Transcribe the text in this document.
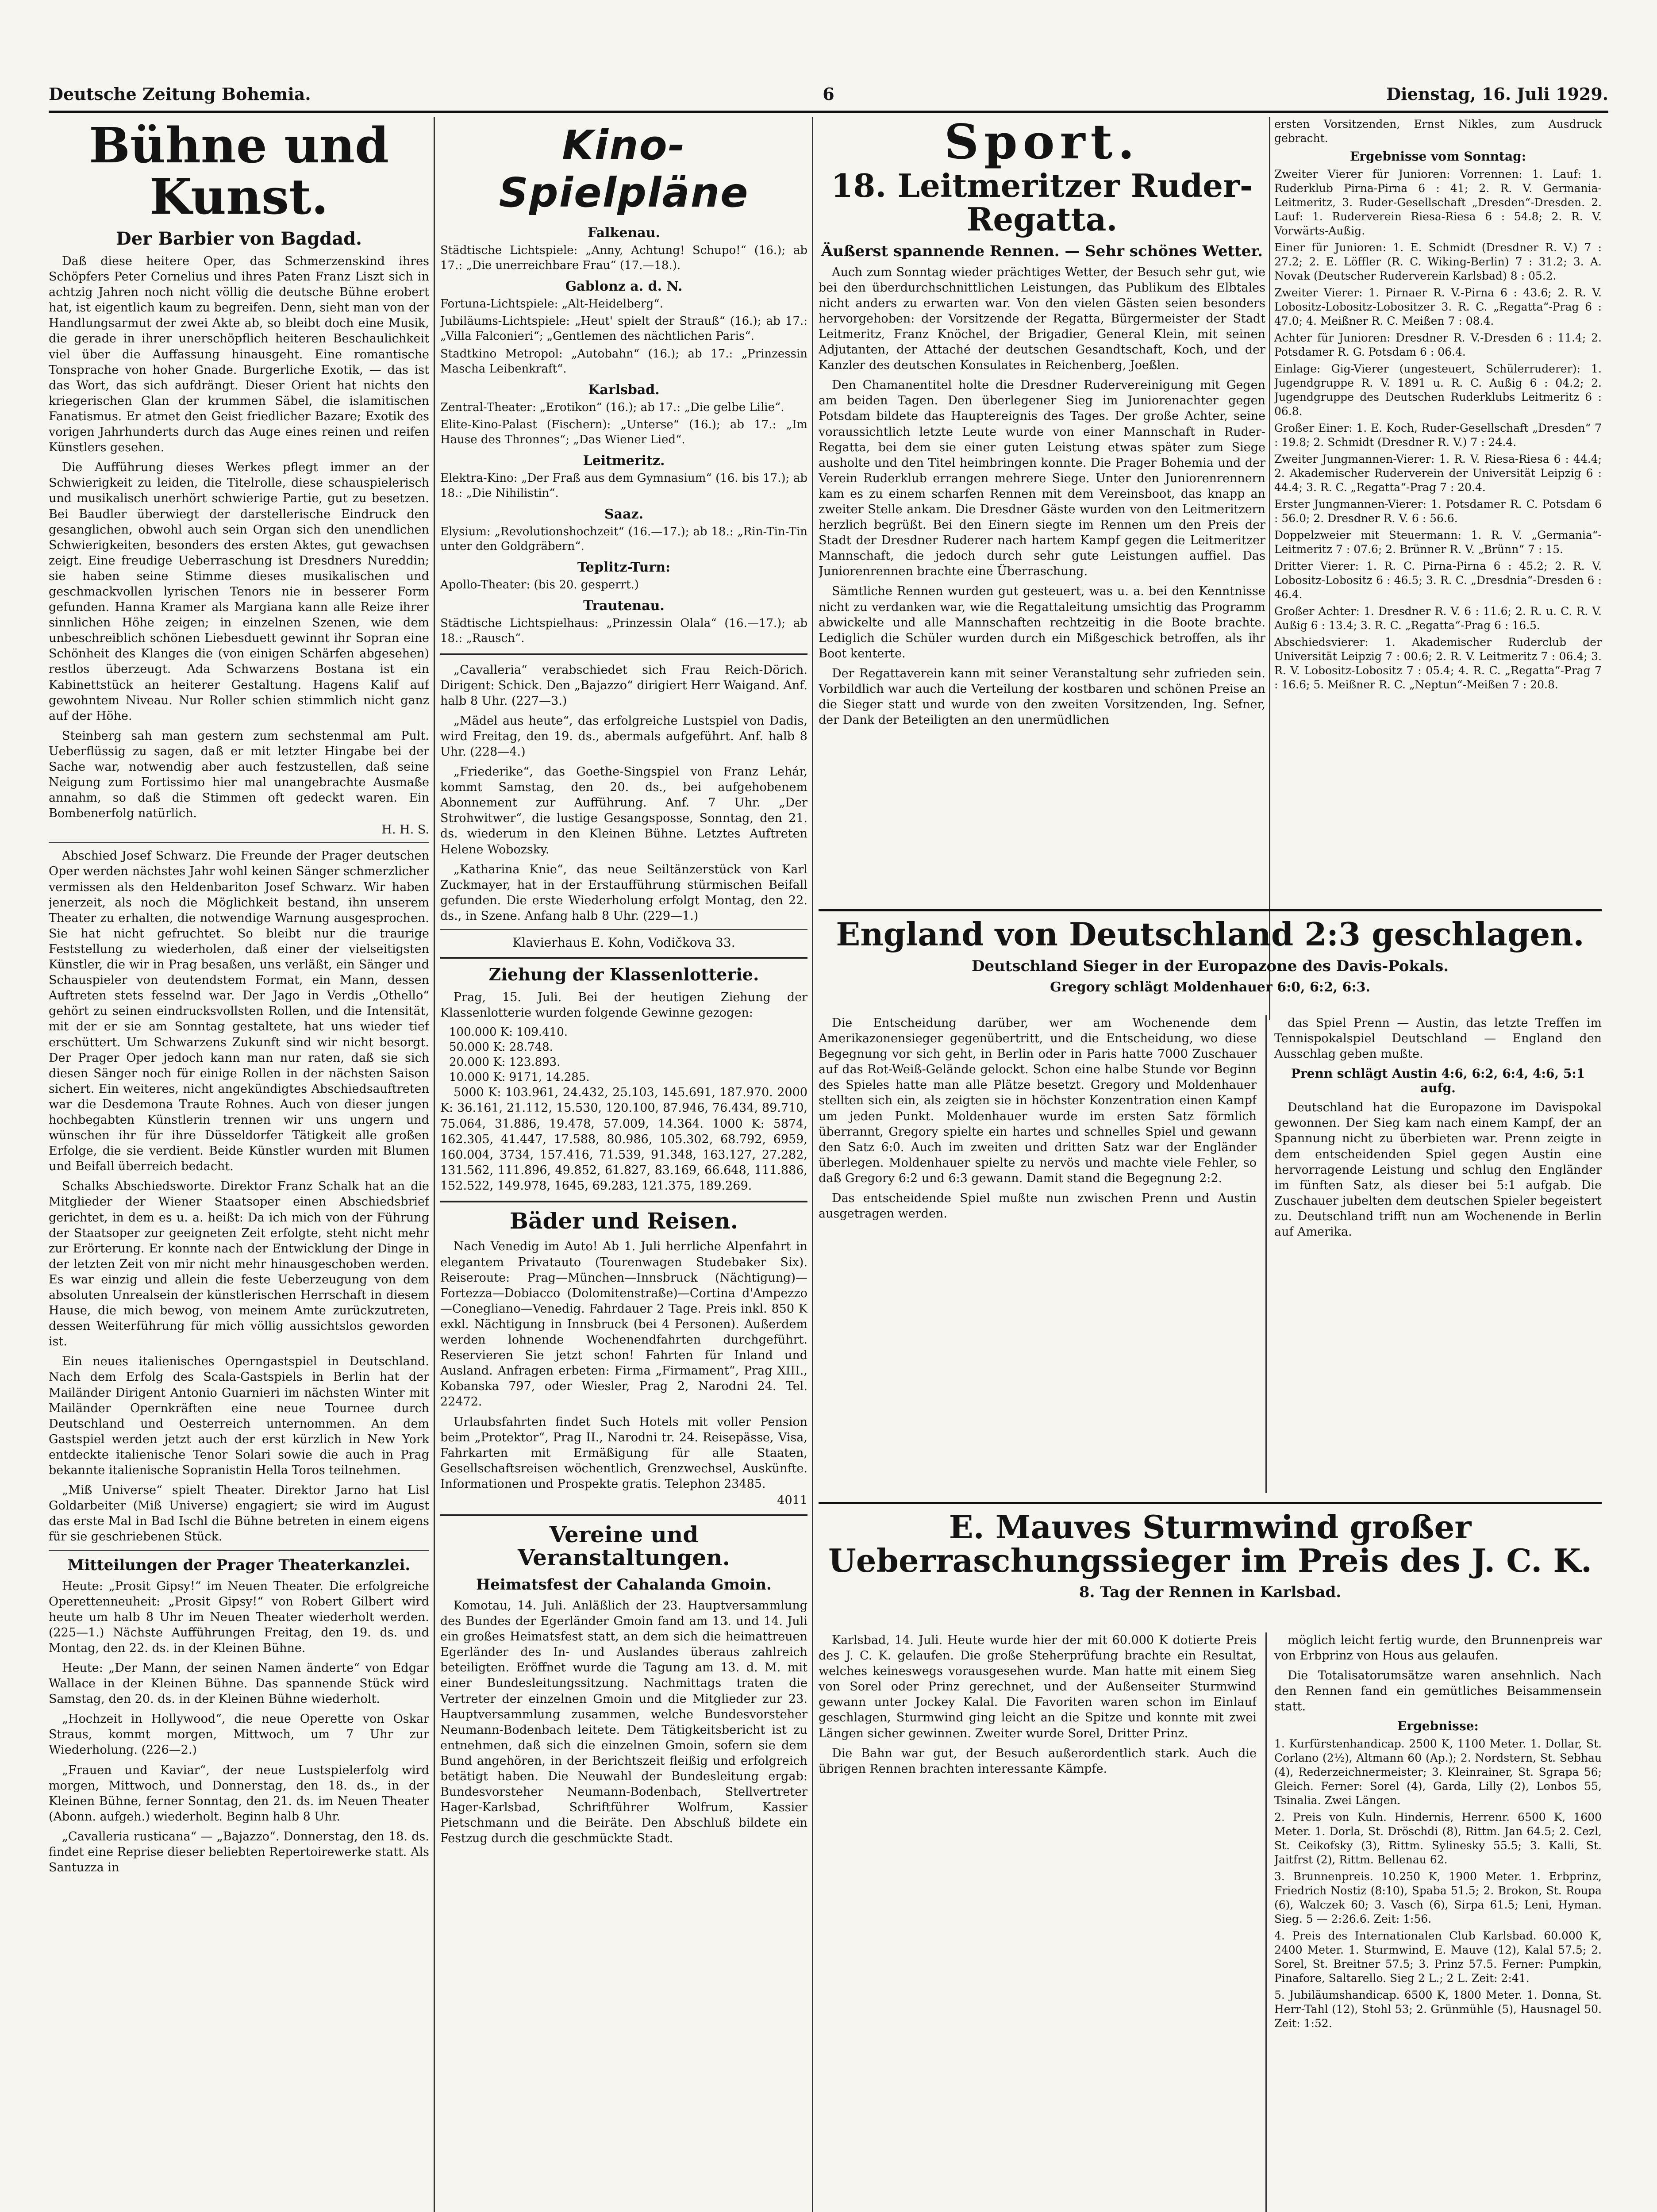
Deutsche Zeitung Bohemia.	6	Dienstag, 16. Juli 1929.
Bühne und Kunst.
Der Barbier von Bagdad.

Daß diese heitere Oper, das Schmerzenskind ihres Schöpfers Peter Cornelius und ihres Paten Franz Liszt sich in achtzig Jahren noch nicht völlig die deutsche Bühne erobert hat, ist eigentlich kaum zu begreifen. Denn, sieht man von der Handlungsarmut der zwei Akte ab, so bleibt doch eine Musik, die gerade in ihrer unerschöpflich heiteren Beschaulichkeit viel über die Auffassung hinausgeht. Eine romantische Tonsprache von hoher Gnade. Burgerliche Exotik, — das ist das Wort, das sich aufdrängt. Dieser Orient hat nichts den kriegerischen Glan der krummen Säbel, die islamitischen Fanatismus. Er atmet den Geist friedlicher Bazare; Exotik des vorigen Jahrhunderts durch das Auge eines reinen und reifen Künstlers gesehen.

Die Aufführung dieses Werkes pflegt immer an der Schwierigkeit zu leiden, die Titelrolle, diese schauspielerisch und musikalisch unerhört schwierige Partie, gut zu besetzen. Bei Baudler überwiegt der darstellerische Eindruck den gesanglichen, obwohl auch sein Organ sich den unendlichen Schwierigkeiten, besonders des ersten Aktes, gut gewachsen zeigt. Eine freudige Ueberraschung ist Dresdners Nureddin; sie haben seine Stimme dieses musikalischen und geschmackvollen lyrischen Tenors nie in besserer Form gefunden. Hanna Kramer als Margiana kann alle Reize ihrer sinnlichen Höhe zeigen; in einzelnen Szenen, wie dem unbeschreiblich schönen Liebesduett gewinnt ihr Sopran eine Schönheit des Klanges die (von einigen Schärfen abgesehen) restlos überzeugt. Ada Schwarzens Bostana ist ein Kabinettstück an heiterer Gestaltung. Hagens Kalif auf gewohntem Niveau. Nur Roller schien stimmlich nicht ganz auf der Höhe.

Steinberg sah man gestern zum sechstenmal am Pult. Ueberflüssig zu sagen, daß er mit letzter Hingabe bei der Sache war, notwendig aber auch festzustellen, daß seine Neigung zum Fortissimo hier mal unangebrachte Ausmaße annahm, so daß die Stimmen oft gedeckt waren. Ein Bombenerfolg natürlich.

H. H. S.

Abschied Josef Schwarz. Die Freunde der Prager deutschen Oper werden nächstes Jahr wohl keinen Sänger schmerzlicher vermissen als den Heldenbariton Josef Schwarz. Wir haben jenerzeit, als noch die Möglichkeit bestand, ihn unserem Theater zu erhalten, die notwendige Warnung ausgesprochen. Sie hat nicht gefruchtet. So bleibt nur die traurige Feststellung zu wiederholen, daß einer der vielseitigsten Künstler, die wir in Prag besaßen, uns verläßt, ein Sänger und Schauspieler von deutendstem Format, ein Mann, dessen Auftreten stets fesselnd war. Der Jago in Verdis „Othello“ gehört zu seinen eindrucksvollsten Rollen, und die Intensität, mit der er sie am Sonntag gestaltete, hat uns wieder tief erschüttert. Um Schwarzens Zukunft sind wir nicht besorgt. Der Prager Oper jedoch kann man nur raten, daß sie sich diesen Sänger noch für einige Rollen in der nächsten Saison sichert. Ein weiteres, nicht angekündigtes Abschiedsauftreten war die Desdemona Traute Rohnes. Auch von dieser jungen hochbegabten Künstlerin trennen wir uns ungern und wünschen ihr für ihre Düsseldorfer Tätigkeit alle großen Erfolge, die sie verdient. Beide Künstler wurden mit Blumen und Beifall überreich bedacht.

Schalks Abschiedsworte. Direktor Franz Schalk hat an die Mitglieder der Wiener Staatsoper einen Abschiedsbrief gerichtet, in dem es u. a. heißt: Da ich mich von der Führung der Staatsoper zur geeigneten Zeit erfolgte, steht nicht mehr zur Erörterung. Er konnte nach der Entwicklung der Dinge in der letzten Zeit von mir nicht mehr hinausgeschoben werden. Es war einzig und allein die feste Ueberzeugung von dem absoluten Unrealsein der künstlerischen Herrschaft in diesem Hause, die mich bewog, von meinem Amte zurückzutreten, dessen Weiterführung für mich völlig aussichtslos geworden ist.

Ein neues italienisches Operngastspiel in Deutschland. Nach dem Erfolg des Scala-Gastspiels in Berlin hat der Mailänder Dirigent Antonio Guarnieri im nächsten Winter mit Mailänder Opernkräften eine neue Tournee durch Deutschland und Oesterreich unternommen. An dem Gastspiel werden jetzt auch der erst kürzlich in New York entdeckte italienische Tenor Solari sowie die auch in Prag bekannte italienische Sopranistin Hella Toros teilnehmen.

„Miß Universe“ spielt Theater. Direktor Jarno hat Lisl Goldarbeiter (Miß Universe) engagiert; sie wird im August das erste Mal in Bad Ischl die Bühne betreten in einem eigens für sie geschriebenen Stück.

Mitteilungen der Prager Theaterkanzlei.

Heute: „Prosit Gipsy!“ im Neuen Theater. Die erfolgreiche Operettenneuheit: „Prosit Gipsy!“ von Robert Gilbert wird heute um halb 8 Uhr im Neuen Theater wiederholt werden. (225—1.) Nächste Aufführungen Freitag, den 19. ds. und Montag, den 22. ds. in der Kleinen Bühne.

Heute: „Der Mann, der seinen Namen änderte“ von Edgar Wallace in der Kleinen Bühne. Das spannende Stück wird Samstag, den 20. ds. in der Kleinen Bühne wiederholt.

„Hochzeit in Hollywood“, die neue Operette von Oskar Straus, kommt morgen, Mittwoch, um 7 Uhr zur Wiederholung. (226—2.)

„Frauen und Kaviar“, der neue Lustspielerfolg wird morgen, Mittwoch, und Donnerstag, den 18. ds., in der Kleinen Bühne, ferner Sonntag, den 21. ds. im Neuen Theater (Abonn. aufgeh.) wiederholt. Beginn halb 8 Uhr.

„Cavalleria rusticana“ — „Bajazzo“. Donnerstag, den 18. ds. findet eine Reprise dieser beliebten Repertoirewerke statt. Als Santuzza in

Kino-Spielpläne
Falkenau.

Städtische Lichtspiele: „Anny, Achtung! Schupo!“ (16.); ab 17.: „Die unerreichbare Frau“ (17.—18.).

Gablonz a. d. N.

Fortuna-Lichtspiele: „Alt-Heidelberg“.

Jubiläums-Lichtspiele: „Heut' spielt der Strauß“ (16.); ab 17.: „Villa Falconieri“; „Gentlemen des nächtlichen Paris“.

Stadtkino Metropol: „Autobahn“ (16.); ab 17.: „Prinzessin Mascha Leibenkraft“.

Karlsbad.

Zentral-Theater: „Erotikon“ (16.); ab 17.: „Die gelbe Lilie“.

Elite-Kino-Palast (Fischern): „Unterse“ (16.); ab 17.: „Im Hause des Thronnes“; „Das Wiener Lied“.

Leitmeritz.

Elektra-Kino: „Der Fraß aus dem Gymnasium“ (16. bis 17.); ab 18.: „Die Nihilistin“.

Saaz.

Elysium: „Revolutionshochzeit“ (16.—17.); ab 18.: „Rin-Tin-Tin unter den Goldgräbern“.

Teplitz-Turn:

Apollo-Theater: (bis 20. gesperrt.)

Trautenau.

Städtische Lichtspielhaus: „Prinzessin Olala“ (16.—17.); ab 18.: „Rausch“.

„Cavalleria“ verabschiedet sich Frau Reich-Dörich. Dirigent: Schick. Den „Bajazzo“ dirigiert Herr Waigand. Anf. halb 8 Uhr. (227—3.)

„Mädel aus heute“, das erfolgreiche Lustspiel von Dadis, wird Freitag, den 19. ds., abermals aufgeführt. Anf. halb 8 Uhr. (228—4.)

„Friederike“, das Goethe-Singspiel von Franz Lehár, kommt Samstag, den 20. ds., bei aufgehobenem Abonnement zur Aufführung. Anf. 7 Uhr. „Der Strohwitwer“, die lustige Gesangsposse, Sonntag, den 21. ds. wiederum in den Kleinen Bühne. Letztes Auftreten Helene Wobozsky.

„Katharina Knie“, das neue Seiltänzerstück von Karl Zuckmayer, hat in der Erstaufführung stürmischen Beifall gefunden. Die erste Wiederholung erfolgt Montag, den 22. ds., in Szene. Anfang halb 8 Uhr. (229—1.)

Klavierhaus E. Kohn, Vodičkova 33.
Ziehung der Klassenlotterie.

Prag, 15. Juli. Bei der heutigen Ziehung der Klassenlotterie wurden folgende Gewinne gezogen:

100.000 K: 109.410.

50.000 K: 28.748.

20.000 K: 123.893.

10.000 K: 9171, 14.285.

5000 K: 103.961, 24.432, 25.103, 145.691, 187.970. 2000 K: 36.161, 21.112, 15.530, 120.100, 87.946, 76.434, 89.710, 75.064, 31.886, 19.478, 57.009, 14.364. 1000 K: 5874, 162.305, 41.447, 17.588, 80.986, 105.302, 68.792, 6959, 160.004, 3734, 157.416, 71.539, 91.348, 163.127, 27.282, 131.562, 111.896, 49.852, 61.827, 83.169, 66.648, 111.886, 152.522, 149.978, 1645, 69.283, 121.375, 189.269.

Bäder und Reisen.

Nach Venedig im Auto! Ab 1. Juli herrliche Alpenfahrt in elegantem Privatauto (Tourenwagen Studebaker Six). Reiseroute: Prag—München—Innsbruck (Nächtigung)—Fortezza—Dobiacco (Dolomitenstraße)—Cortina d'Ampezzo—Conegliano—Venedig. Fahrdauer 2 Tage. Preis inkl. 850 K exkl. Nächtigung in Innsbruck (bei 4 Personen). Außerdem werden lohnende Wochenendfahrten durchgeführt. Reservieren Sie jetzt schon! Fahrten für Inland und Ausland. Anfragen erbeten: Firma „Firmament“, Prag XIII., Kobanska 797, oder Wiesler, Prag 2, Narodni 24. Tel. 22472.

Urlaubsfahrten findet Such Hotels mit voller Pension beim „Protektor“, Prag II., Narodni tr. 24. Reisepässe, Visa, Fahrkarten mit Ermäßigung für alle Staaten, Gesellschaftsreisen wöchentlich, Grenzwechsel, Auskünfte. Informationen und Prospekte gratis. Telephon 23485.

4011
Vereine und Veranstaltungen.
Heimatsfest der Cahalanda Gmoin.

Komotau, 14. Juli. Anläßlich der 23. Hauptversammlung des Bundes der Egerländer Gmoin fand am 13. und 14. Juli ein großes Heimatsfest statt, an dem sich die heimattreuen Egerländer des In- und Auslandes überaus zahlreich beteiligten. Eröffnet wurde die Tagung am 13. d. M. mit einer Bundesleitungssitzung. Nachmittags traten die Vertreter der einzelnen Gmoin und die Mitglieder zur 23. Hauptversammlung zusammen, welche Bundesvorsteher Neumann-Bodenbach leitete. Dem Tätigkeitsbericht ist zu entnehmen, daß sich die einzelnen Gmoin, sofern sie dem Bund angehören, in der Berichtszeit fleißig und erfolgreich betätigt haben. Die Neuwahl der Bundesleitung ergab: Bundesvorsteher Neumann-Bodenbach, Stellvertreter Hager-Karlsbad, Schriftführer Wolfrum, Kassier Pietschmann und die Beiräte. Den Abschluß bildete ein Festzug durch die geschmückte Stadt.

Sport.
18. Leitmeritzer Ruder-Regatta.
Äußerst spannende Rennen. — Sehr schönes Wetter.

Auch zum Sonntag wieder prächtiges Wetter, der Besuch sehr gut, wie bei den überdurchschnittlichen Leistungen, das Publikum des Elbtales nicht anders zu erwarten war. Von den vielen Gästen seien besonders hervorgehoben: der Vorsitzende der Regatta, Bürgermeister der Stadt Leitmeritz, Franz Knöchel, der Brigadier, General Klein, mit seinen Adjutanten, der Attaché der deutschen Gesandtschaft, Koch, und der Kanzler des deutschen Konsulates in Reichenberg, Joeßlen.

Den Chamanentitel holte die Dresdner Rudervereinigung mit Gegen am beiden Tagen. Den überlegener Sieg im Juniorenachter gegen Potsdam bildete das Hauptereignis des Tages. Der große Achter, seine voraussichtlich letzte Leute wurde von einer Mannschaft in Ruder-Regatta, bei dem sie einer guten Leistung etwas später zum Siege ausholte und den Titel heimbringen konnte. Die Prager Bohemia und der Verein Ruderklub errangen mehrere Siege. Unter den Juniorenrennern kam es zu einem scharfen Rennen mit dem Vereinsboot, das knapp an zweiter Stelle ankam. Die Dresdner Gäste wurden von den Leitmeritzern herzlich begrüßt. Bei den Einern siegte im Rennen um den Preis der Stadt der Dresdner Ruderer nach hartem Kampf gegen die Leitmeritzer Mannschaft, die jedoch durch sehr gute Leistungen auffiel. Das Juniorenrennen brachte eine Überraschung.

Sämtliche Rennen wurden gut gesteuert, was u. a. bei den Kenntnisse nicht zu verdanken war, wie die Regattaleitung umsichtig das Programm abwickelte und alle Mannschaften rechtzeitig in die Boote brachte. Lediglich die Schüler wurden durch ein Mißgeschick betroffen, als ihr Boot kenterte.

Der Regattaverein kann mit seiner Veranstaltung sehr zufrieden sein. Vorbildlich war auch die Verteilung der kostbaren und schönen Preise an die Sieger statt und wurde von den zweiten Vorsitzenden, Ing. Sefner, der Dank der Beteiligten an den unermüdlichen

ersten Vorsitzenden, Ernst Nikles, zum Ausdruck gebracht.

Ergebnisse vom Sonntag:

Zweiter Vierer für Junioren: Vorrennen: 1. Lauf: 1. Ruderklub Pirna-Pirna 6 : 41; 2. R. V. Germania-Leitmeritz, 3. Ruder-Gesellschaft „Dresden“-Dresden. 2. Lauf: 1. Ruderverein Riesa-Riesa 6 : 54.8; 2. R. V. Vorwärts-Außig.

Einer für Junioren: 1. E. Schmidt (Dresdner R. V.) 7 : 27.2; 2. E. Löffler (R. C. Wiking-Berlin) 7 : 31.2; 3. A. Novak (Deutscher Ruderverein Karlsbad) 8 : 05.2.

Zweiter Vierer: 1. Pirnaer R. V.-Pirna 6 : 43.6; 2. R. V. Lobositz-Lobositz-Lobositzer 3. R. C. „Regatta“-Prag 6 : 47.0; 4. Meißner R. C. Meißen 7 : 08.4.

Achter für Junioren: Dresdner R. V.-Dresden 6 : 11.4; 2. Potsdamer R. G. Potsdam 6 : 06.4.

Einlage: Gig-Vierer (ungesteuert, Schülerruderer): 1. Jugendgruppe R. V. 1891 u. R. C. Außig 6 : 04.2; 2. Jugendgruppe des Deutschen Ruderklubs Leitmeritz 6 : 06.8.

Großer Einer: 1. E. Koch, Ruder-Gesellschaft „Dresden“ 7 : 19.8; 2. Schmidt (Dresdner R. V.) 7 : 24.4.

Zweiter Jungmannen-Vierer: 1. R. V. Riesa-Riesa 6 : 44.4; 2. Akademischer Ruderverein der Universität Leipzig 6 : 44.4; 3. R. C. „Regatta“-Prag 7 : 20.4.

Erster Jungmannen-Vierer: 1. Potsdamer R. C. Potsdam 6 : 56.0; 2. Dresdner R. V. 6 : 56.6.

Doppelzweier mit Steuermann: 1. R. V. „Germania“-Leitmeritz 7 : 07.6; 2. Brünner R. V. „Brünn“ 7 : 15.

Dritter Vierer: 1. R. C. Pirna-Pirna 6 : 45.2; 2. R. V. Lobositz-Lobositz 6 : 46.5; 3. R. C. „Dresdnia“-Dresden 6 : 46.4.

Großer Achter: 1. Dresdner R. V. 6 : 11.6; 2. R. u. C. R. V. Außig 6 : 13.4; 3. R. C. „Regatta“-Prag 6 : 16.5.

Abschiedsvierer: 1. Akademischer Ruderclub der Universität Leipzig 7 : 00.6; 2. R. V. Leitmeritz 7 : 06.4; 3. R. V. Lobositz-Lobositz 7 : 05.4; 4. R. C. „Regatta“-Prag 7 : 16.6; 5. Meißner R. C. „Neptun“-Meißen 7 : 20.8.

England von Deutschland 2:3 geschlagen.
Deutschland Sieger in der Europazone des Davis-Pokals.
Gregory schlägt Moldenhauer 6:0, 6:2, 6:3.

Die Entscheidung darüber, wer am Wochenende dem Amerikazonensieger gegenübertritt, und die Entscheidung, wo diese Begegnung vor sich geht, in Berlin oder in Paris hatte 7000 Zuschauer auf das Rot-Weiß-Gelände gelockt. Schon eine halbe Stunde vor Beginn des Spieles hatte man alle Plätze besetzt. Gregory und Moldenhauer stellten sich ein, als zeigten sie in höchster Konzentration einen Kampf um jeden Punkt. Moldenhauer wurde im ersten Satz förmlich überrannt, Gregory spielte ein hartes und schnelles Spiel und gewann den Satz 6:0. Auch im zweiten und dritten Satz war der Engländer überlegen. Moldenhauer spielte zu nervös und machte viele Fehler, so daß Gregory 6:2 und 6:3 gewann. Damit stand die Begegnung 2:2.

Das entscheidende Spiel mußte nun zwischen Prenn und Austin ausgetragen werden.

das Spiel Prenn — Austin, das letzte Treffen im Tennispokalspiel Deutschland — England den Ausschlag geben mußte.

Prenn schlägt Austin 4:6, 6:2, 6:4, 4:6, 5:1 aufg.

Deutschland hat die Europazone im Davispokal gewonnen. Der Sieg kam nach einem Kampf, der an Spannung nicht zu überbieten war. Prenn zeigte in dem entscheidenden Spiel gegen Austin eine hervorragende Leistung und schlug den Engländer im fünften Satz, als dieser bei 5:1 aufgab. Die Zuschauer jubelten dem deutschen Spieler begeistert zu. Deutschland trifft nun am Wochenende in Berlin auf Amerika.

E. Mauves Sturmwind großer Ueberraschungssieger im Preis des J. C. K.
8. Tag der Rennen in Karlsbad.

Karlsbad, 14. Juli. Heute wurde hier der mit 60.000 K dotierte Preis des J. C. K. gelaufen. Die große Steherprüfung brachte ein Resultat, welches keineswegs vorausgesehen wurde. Man hatte mit einem Sieg von Sorel oder Prinz gerechnet, und der Außenseiter Sturmwind gewann unter Jockey Kalal. Die Favoriten waren schon im Einlauf geschlagen, Sturmwind ging leicht an die Spitze und konnte mit zwei Längen sicher gewinnen. Zweiter wurde Sorel, Dritter Prinz.

Die Bahn war gut, der Besuch außerordentlich stark. Auch die übrigen Rennen brachten interessante Kämpfe.

möglich leicht fertig wurde, den Brunnenpreis war von Erbprinz von Hous aus gelaufen.

Die Totalisatorumsätze waren ansehnlich. Nach den Rennen fand ein gemütliches Beisammensein statt.

Ergebnisse:

1. Kurfürstenhandicap. 2500 K, 1100 Meter. 1. Dollar, St. Corlano (2½), Altmann 60 (Ap.); 2. Nordstern, St. Sebhau (4), Rederzeichnermeister; 3. Kleinrainer, St. Sgrapa 56; Gleich. Ferner: Sorel (4), Garda, Lilly (2), Lonbos 55, Tsinalia. Zwei Längen.

2. Preis von Kuln. Hindernis, Herrenr. 6500 K, 1600 Meter. 1. Dorla, St. Dröschdi (8), Rittm. Jan 64.5; 2. Cezl, St. Ceikofsky (3), Rittm. Sylinesky 55.5; 3. Kalli, St. Jaitfrst (2), Rittm. Bellenau 62.

3. Brunnenpreis. 10.250 K, 1900 Meter. 1. Erbprinz, Friedrich Nostiz (8:10), Spaba 51.5; 2. Brokon, St. Roupa (6), Walczek 60; 3. Vasch (6), Sirpa 61.5; Leni, Hyman. Sieg. 5 — 2:26.6. Zeit: 1:56.

4. Preis des Internationalen Club Karlsbad. 60.000 K, 2400 Meter. 1. Sturmwind, E. Mauve (12), Kalal 57.5; 2. Sorel, St. Breitner 57.5; 3. Prinz 57.5. Ferner: Pumpkin, Pinafore, Saltarello. Sieg 2 L.; 2 L. Zeit: 2:41.

5. Jubiläumshandicap. 6500 K, 1800 Meter. 1. Donna, St. Herr-Tahl (12), Stohl 53; 2. Grünmühle (5), Hausnagel 50. Zeit: 1:52.
